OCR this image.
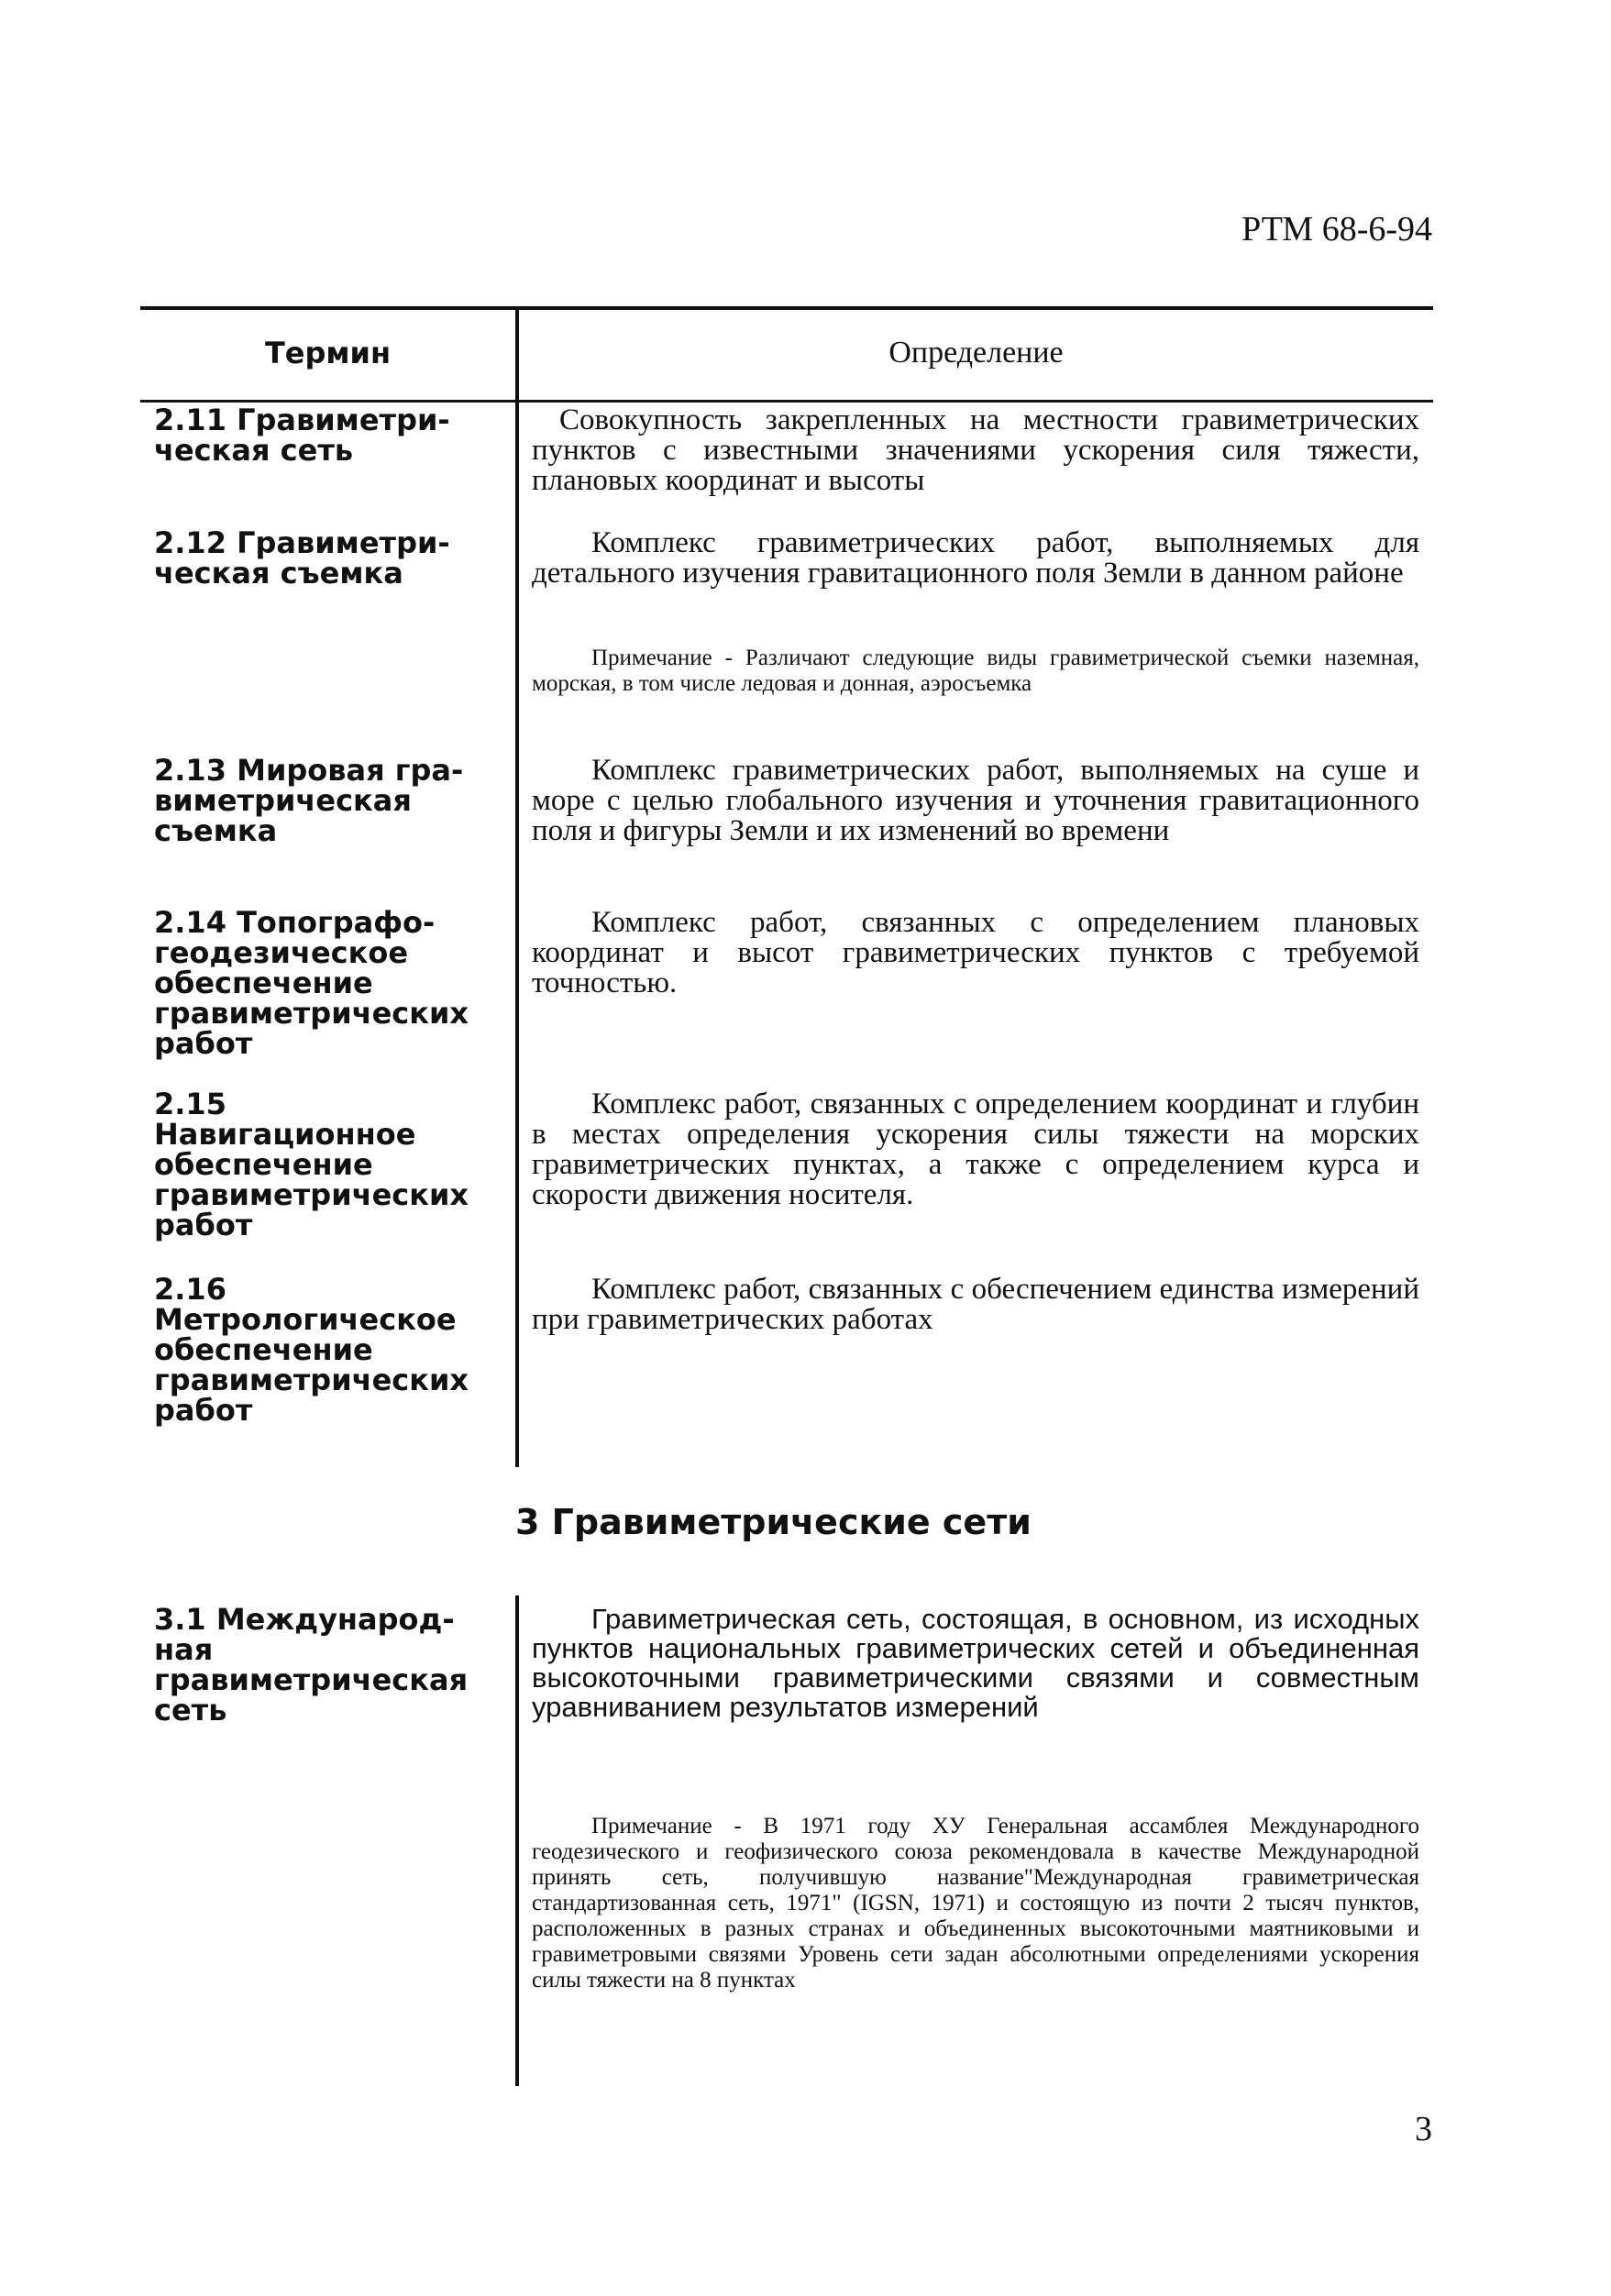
РТМ 68-6-94
Термин	Определение
2.11 Гравиметри-
ческая сеть
Совокупность закрепленных на местности гравиметрических пунктов с известными значениями ускорения силя тяжести, плановых координат и высоты
2.12 Гравиметри-
ческая съемка
Комплекс гравиметрических работ, выполняемых для детального изучения гравитационного поля Земли в данном районе
Примечание - Различают следующие виды гравиметрической съемки наземная, морская, в том числе ледовая и донная, аэросъемка
2.13 Мировая гра-
виметрическая
съемка
Комплекс гравиметрических работ, выполняемых на суше и море с целью глобального изучения и уточнения гравитационного поля и фигуры Земли и их изменений во времени
2.14 Топографо-
геодезическое
обеспечение
гравиметрических
работ
Комплекс работ, связанных с определением плановых координат и высот гравиметрических пунктов с требуемой точностью.
2.15
Навигационное
обеспечение
гравиметрических
работ
Комплекс работ, связанных с определением координат и глубин в местах определения ускорения силы тяжести на морских гравиметрических пунктах, а также с определением курса и скорости движения носителя.
2.16
Метрологическое
обеспечение
гравиметрических
работ
Комплекс работ, связанных с обеспечением единства измерений при гравиметрических работах
3 Гравиметрические сети
3.1 Международ-
ная
гравиметрическая
сеть
Гравиметрическая сеть, состоящая, в основном, из исходных пунктов национальных гравиметрических сетей и объединенная высокоточными гравиметрическими связями и совместным уравниванием результатов измерений
Примечание - В 1971 году ХУ Генеральная ассамблея Международного геодезического и геофизического союза рекомендовала в качестве Международной принять сеть, получившую название"Международная гравиметрическая стандартизованная сеть, 1971" (IGSN, 1971) и состоящую из почти 2 тысяч пунктов, расположенных в разных странах и объединенных высокоточными маятниковыми и гравиметровыми связями Уровень сети задан абсолютными определениями ускорения силы тяжести на 8 пунктах
3
